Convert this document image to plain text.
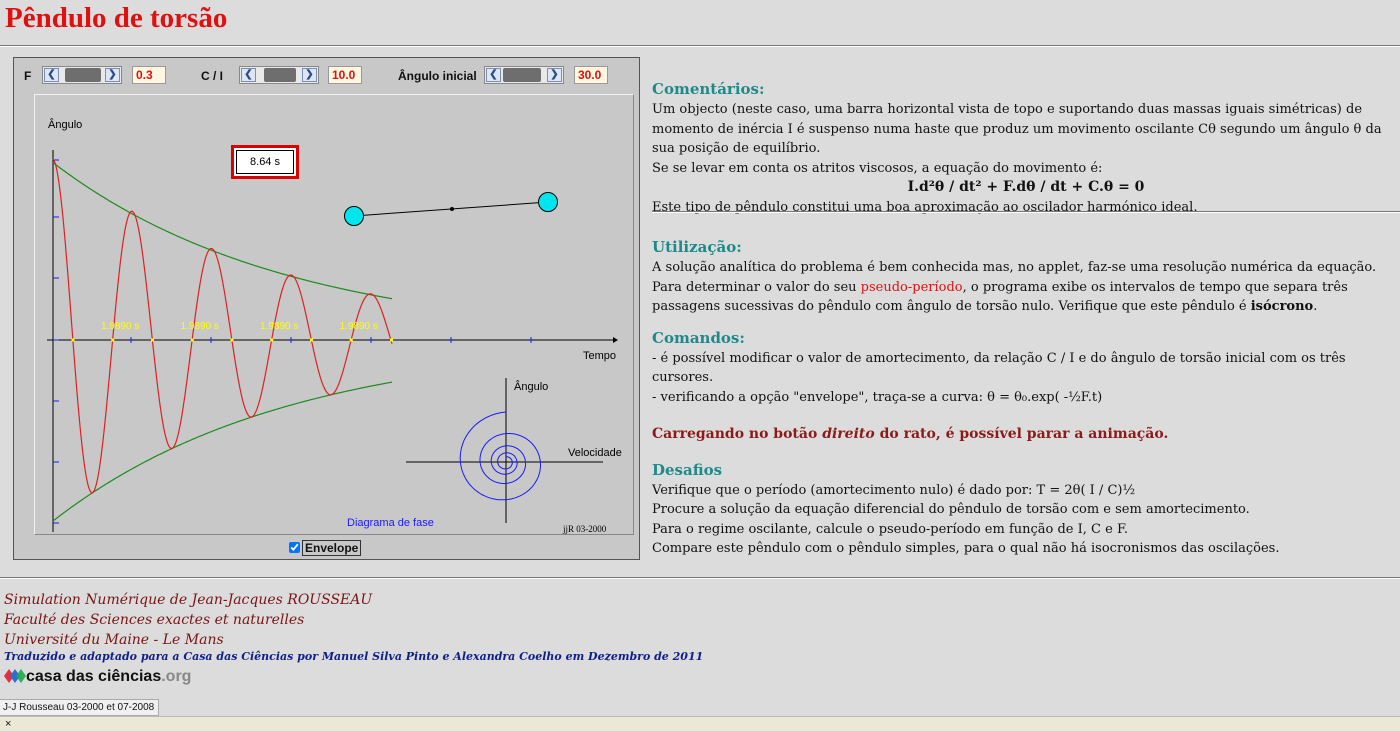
Pêndulo de torsão
F	❮	❯	0.3	C / I	❮	❯	10.0	Ângulo inicial	❮	❯	30.0
Ângulo
Tempo
1.9890 s	1.9890 s	1.9890 s	1.9890 s
Ângulo
Velocidade
Diagrama de fase	jjR 03-2000
8.64 s
Envelope
Comentários:

Um objecto (neste caso, uma barra horizontal vista de topo e suportando duas massas iguais simétricas) de momento de inércia I é suspenso numa haste que produz um movimento oscilante Cθ segundo um ângulo θ da sua posição de equilíbrio.

Se se levar em conta os atritos viscosos, a equação do movimento é:

I.d²θ / dt² + F.dθ / dt + C.θ = 0

Este tipo de pêndulo constitui uma boa aproximação ao oscilador harmónico ideal.

Utilização:

A solução analítica do problema é bem conhecida mas, no applet, faz-se uma resolução numérica da equação. Para determinar o valor do seu pseudo-período, o programa exibe os intervalos de tempo que separa três passagens sucessivas do pêndulo com ângulo de torsão nulo. Verifique que este pêndulo é isócrono.

Comandos:

- é possível modificar o valor de amortecimento, da relação C / I e do ângulo de torsão inicial com os três cursores.

- verificando a opção "envelope", traça-se a curva: θ = θ₀.exp( -½F.t)

Carregando no botão direito do rato, é possível parar a animação.

Desafios

Verifique que o período (amortecimento nulo) é dado por: T = 2θ( I / C)½

Procure a solução da equação diferencial do pêndulo de torsão com e sem amortecimento.

Para o regime oscilante, calcule o pseudo-período em função de I, C e F.

Compare este pêndulo com o pêndulo simples, para o qual não há isocronismos das oscilações.

Simulation Numérique de Jean-Jacques ROUSSEAU
Faculté des Sciences exactes et naturelles
Université du Maine - Le Mans
Traduzido e adaptado para a Casa das Ciências por Manuel Silva Pinto e Alexandra Coelho em Dezembro de 2011
casa das ciências.org
J-J Rousseau 03-2000 et 07-2008
×
